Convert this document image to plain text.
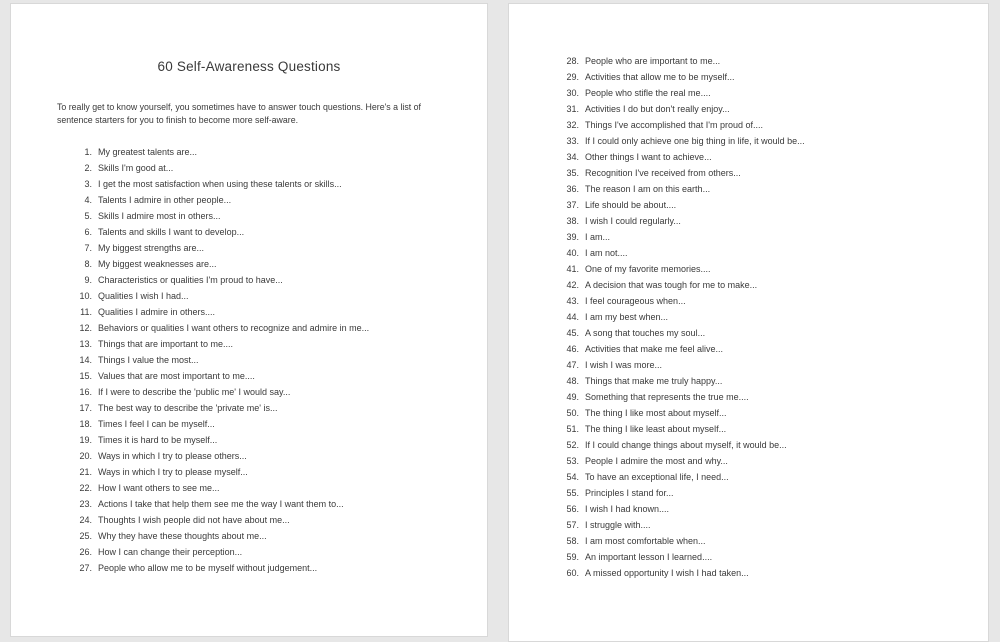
60 Self-Awareness Questions
To really get to know yourself, you sometimes have to answer touch questions. Here's a list of
sentence starters for you to finish to become more self-aware.
1. My greatest talents are...
2. Skills I'm good at...
3. I get the most satisfaction when using these talents or skills...
4. Talents I admire in other people...
5. Skills I admire most in others...
6. Talents and skills I want to develop...
7. My biggest strengths are...
8. My biggest weaknesses are...
9. Characteristics or qualities I'm proud to have...
10. Qualities I wish I had...
11. Qualities I admire in others....
12. Behaviors or qualities I want others to recognize and admire in me...
13. Things that are important to me....
14. Things I value the most...
15. Values that are most important to me....
16. If I were to describe the 'public me' I would say...
17. The best way to describe the 'private me' is...
18. Times I feel I can be myself...
19. Times it is hard to be myself...
20. Ways in which I try to please others...
21. Ways in which I try to please myself...
22. How I want others to see me...
23. Actions I take that help them see me the way I want them to...
24. Thoughts I wish people did not have about me...
25. Why they have these thoughts about me...
26. How I can change their perception...
27. People who allow me to be myself without judgement...
28. People who are important to me...
29. Activities that allow me to be myself...
30. People who stifle the real me....
31. Activities I do but don't really enjoy...
32. Things I've accomplished that I'm proud of....
33. If I could only achieve one big thing in life, it would be...
34. Other things I want to achieve...
35. Recognition I've received from others...
36. The reason I am on this earth...
37. Life should be about....
38. I wish I could regularly...
39. I am...
40. I am not....
41. One of my favorite memories....
42. A decision that was tough for me to make...
43. I feel courageous when...
44. I am my best when...
45. A song that touches my soul...
46. Activities that make me feel alive...
47. I wish I was more...
48. Things that make me truly happy...
49. Something that represents the true me....
50. The thing I like most about myself...
51. The thing I like least about myself...
52. If I could change things about myself, it would be...
53. People I admire the most and why...
54. To have an exceptional life, I need...
55. Principles I stand for...
56. I wish I had known....
57. I struggle with....
58. I am most comfortable when...
59. An important lesson I learned....
60. A missed opportunity I wish I had taken...
